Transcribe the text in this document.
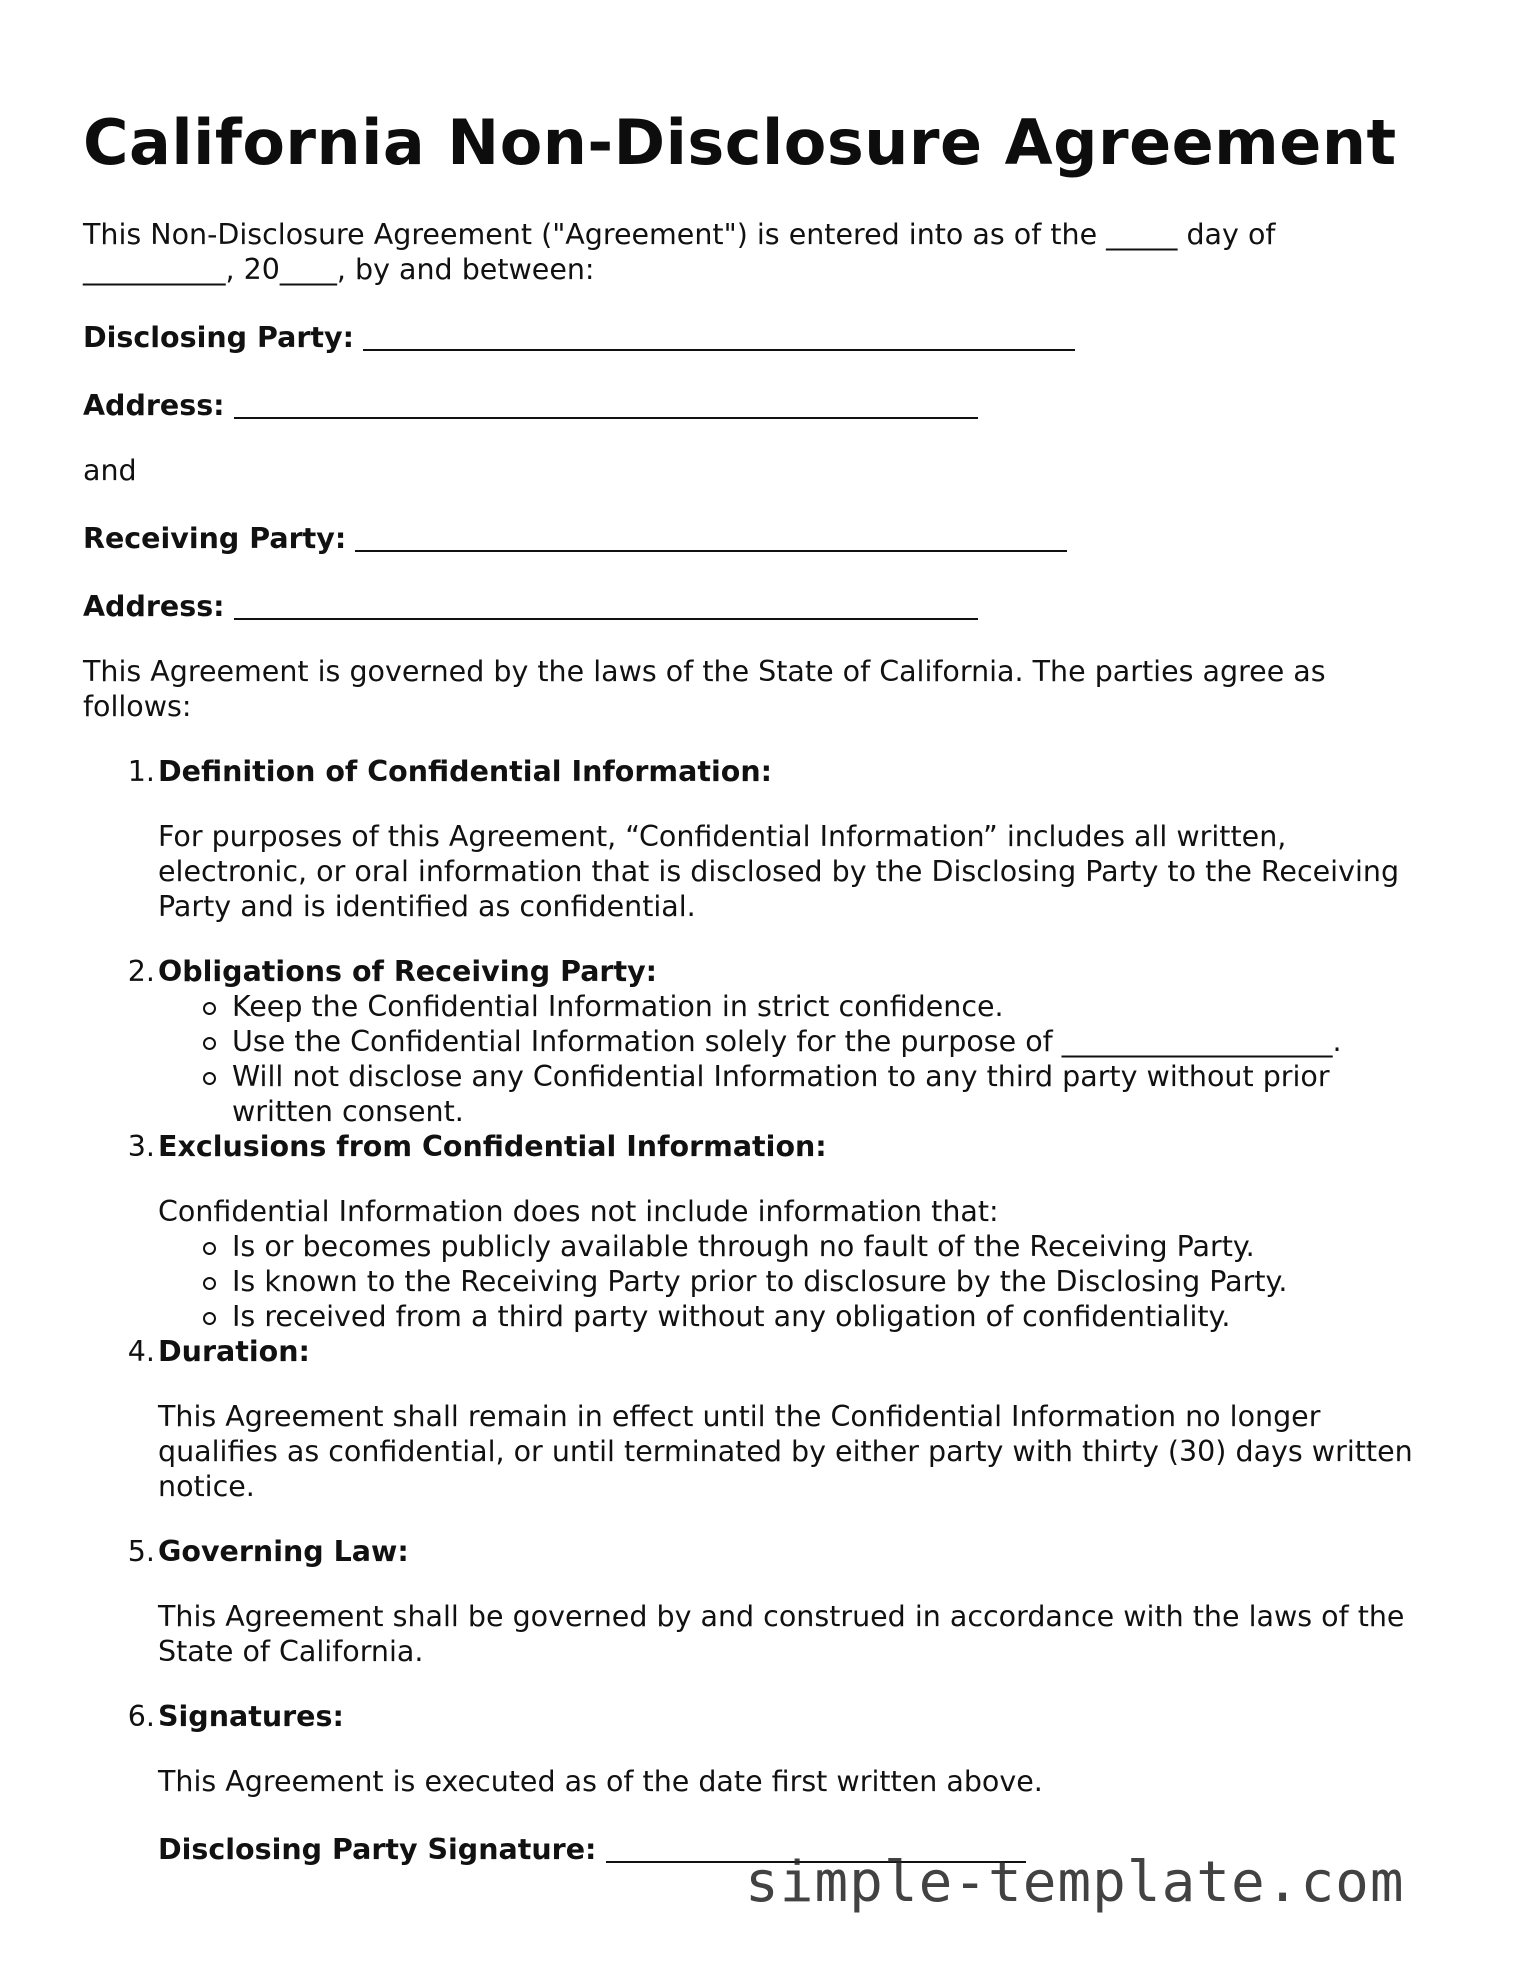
California Non-Disclosure Agreement

This Non-Disclosure Agreement ("Agreement") is entered into as of the _____ day of
__________, 20____, by and between:

Disclosing Party:

Address:

and

Receiving Party:

Address:

This Agreement is governed by the laws of the State of California. The parties agree as follows:

1. Definition of Confidential Information:

For purposes of this Agreement, “Confidential Information” includes all written, electronic, or oral information that is disclosed by the Disclosing Party to the Receiving Party and is identified as confidential.

2. Obligations of Receiving Party:
Keep the Confidential Information in strict confidence.
Use the Confidential Information solely for the purpose of ___________________.
Will not disclose any Confidential Information to any third party without prior written consent.
3. Exclusions from Confidential Information:

Confidential Information does not include information that:

Is or becomes publicly available through no fault of the Receiving Party.
Is known to the Receiving Party prior to disclosure by the Disclosing Party.
Is received from a third party without any obligation of confidentiality.
4. Duration:

This Agreement shall remain in effect until the Confidential Information no longer qualifies as confidential, or until terminated by either party with thirty (30) days written notice.

5. Governing Law:

This Agreement shall be governed by and construed in accordance with the laws of the State of California.

6. Signatures:

This Agreement is executed as of the date first written above.

Disclosing Party Signature:

simple-template.com
